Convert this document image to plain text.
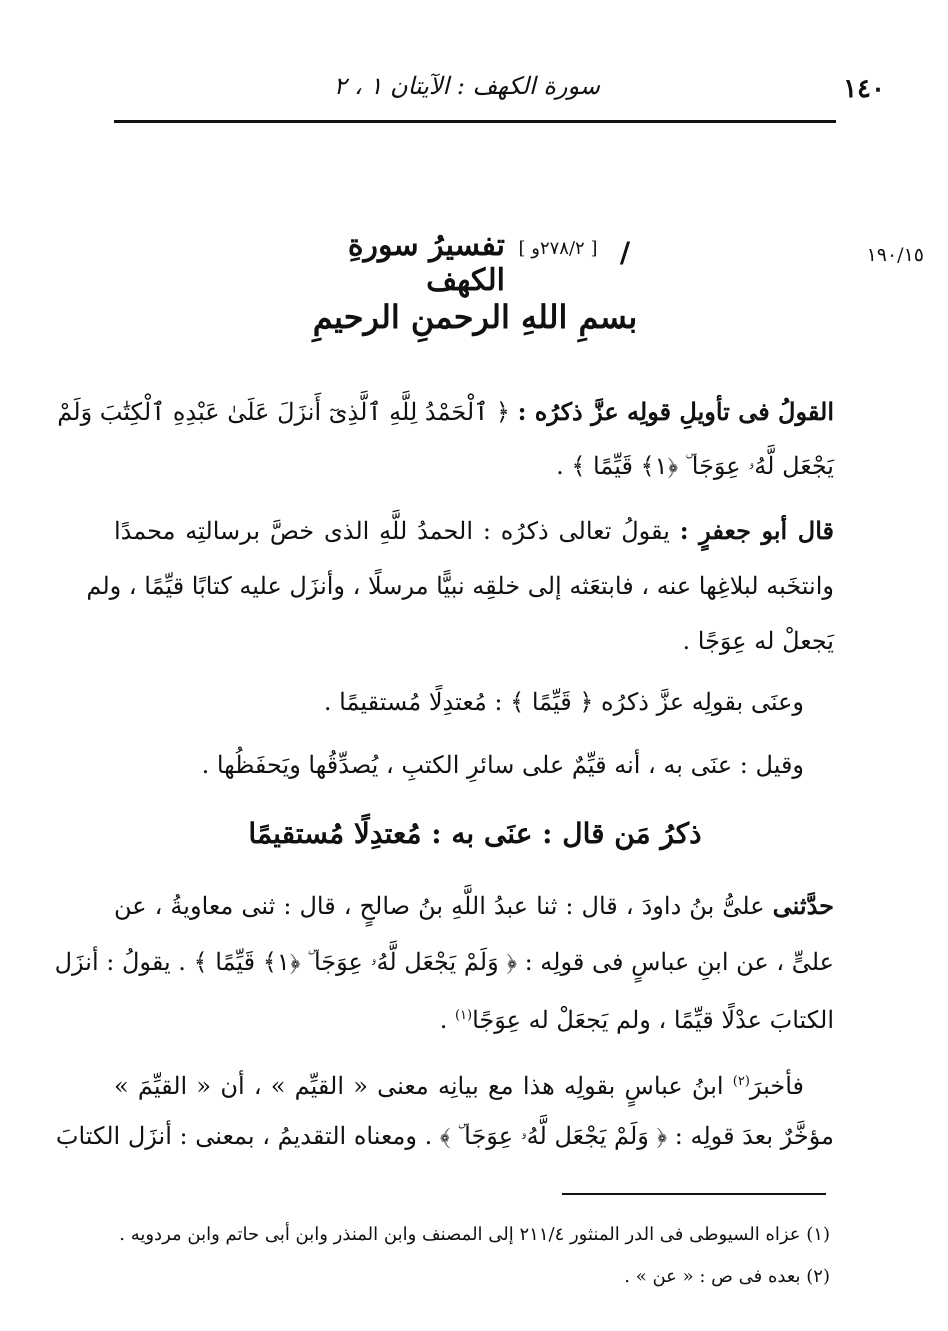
١٤٠
سورة الكهف : الآيتان ١ ، ٢
١٩٠/١٥
/
[ ٢٧٨/٢و ]
تفسيرُ سورةِ الكهف
بسمِ اللهِ الرحمنِ الرحيمِ
القولُ فى تأويلِ قولِه عزَّ ذكرُه : ﴿ ٱلْحَمْدُ لِلَّهِ ٱلَّذِىٓ أَنزَلَ عَلَىٰ عَبْدِهِ ٱلْكِتَٰبَ وَلَمْ
يَجْعَل لَّهُۥ عِوَجَا ۜ ﴿١﴾ قَيِّمًا ﴾ .
قال أبو جعفرٍ : يقولُ تعالى ذكرُه : الحمدُ للَّهِ الذى خصَّ برسالتِه محمدًا
وانتخَبه لبلاغِها عنه ، فابتعَثه إلى خلقِه نبيًّا مرسلًا ، وأنزَل عليه كتابًا قيِّمًا ، ولم
يَجعلْ له عِوَجًا .
وعنَى بقولِه عزَّ ذكرُه ﴿ قَيِّمًا ﴾ : مُعتدِلًا مُستقيمًا .
وقيل : عنَى به ، أنه قيِّمٌ على سائرِ الكتبِ ، يُصدِّقُها ويَحفَظُها .
ذكرُ مَن قال : عنَى به : مُعتدِلًا مُستقيمًا
حدَّثنى علىُّ بنُ داودَ ، قال : ثنا عبدُ اللَّهِ بنُ صالحٍ ، قال : ثنى معاويةُ ، عن
علىٍّ ، عن ابنِ عباسٍ فى قولِه : ﴿ وَلَمْ يَجْعَل لَّهُۥ عِوَجَا ۜ ﴿١﴾ قَيِّمًا ﴾ . يقولُ : أنزَل
الكتابَ عدْلًا قيِّمًا ، ولم يَجعَلْ له عِوَجًا$^{(١)}$ .
فأخبرَ$^{(٢)}$ ابنُ عباسٍ بقولِه هذا مع بيانِه معنى « القيِّم » ، أن « القيِّمَ »
مؤخَّرٌ بعدَ قولِه : ﴿ وَلَمْ يَجْعَل لَّهُۥ عِوَجَا ۜ ﴾ . ومعناه التقديمُ ، بمعنى : أنزَل الكتابَ
(١) عزاه السيوطى فى الدر المنثور ٢١١/٤ إلى المصنف وابن المنذر وابن أبى حاتم وابن مردويه .
(٢) بعده فى ص : « عن » .
